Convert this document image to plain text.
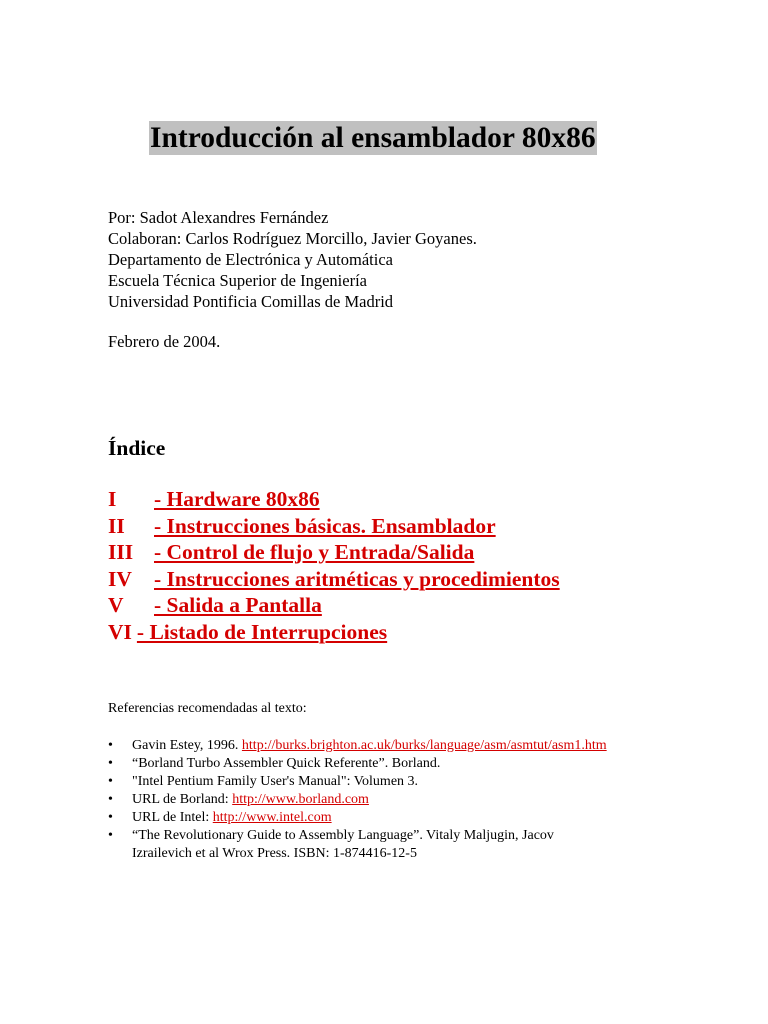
Introducción al ensamblador 80x86
Por: Sadot Alexandres Fernández
Colaboran: Carlos Rodríguez Morcillo, Javier Goyanes.
Departamento de Electrónica y Automática
Escuela Técnica Superior de Ingeniería
Universidad Pontificia Comillas de Madrid
Febrero de 2004.
Índice
I - Hardware 80x86
II - Instrucciones básicas. Ensamblador
III - Control de flujo y Entrada/Salida
IV - Instrucciones aritméticas y procedimientos
V - Salida a Pantalla
VI - Listado de Interrupciones
Referencias recomendadas al texto:
• Gavin Estey, 1996. http://burks.brighton.ac.uk/burks/language/asm/asmtut/asm1.htm
• “Borland Turbo Assembler Quick Referente”. Borland.
• "Intel Pentium Family User's Manual": Volumen 3.
• URL de Borland: http://www.borland.com
• URL de Intel: http://www.intel.com
• “The Revolutionary Guide to Assembly Language”. Vitaly Maljugin, Jacov
Izrailevich et al Wrox Press. ISBN: 1-874416-12-5
